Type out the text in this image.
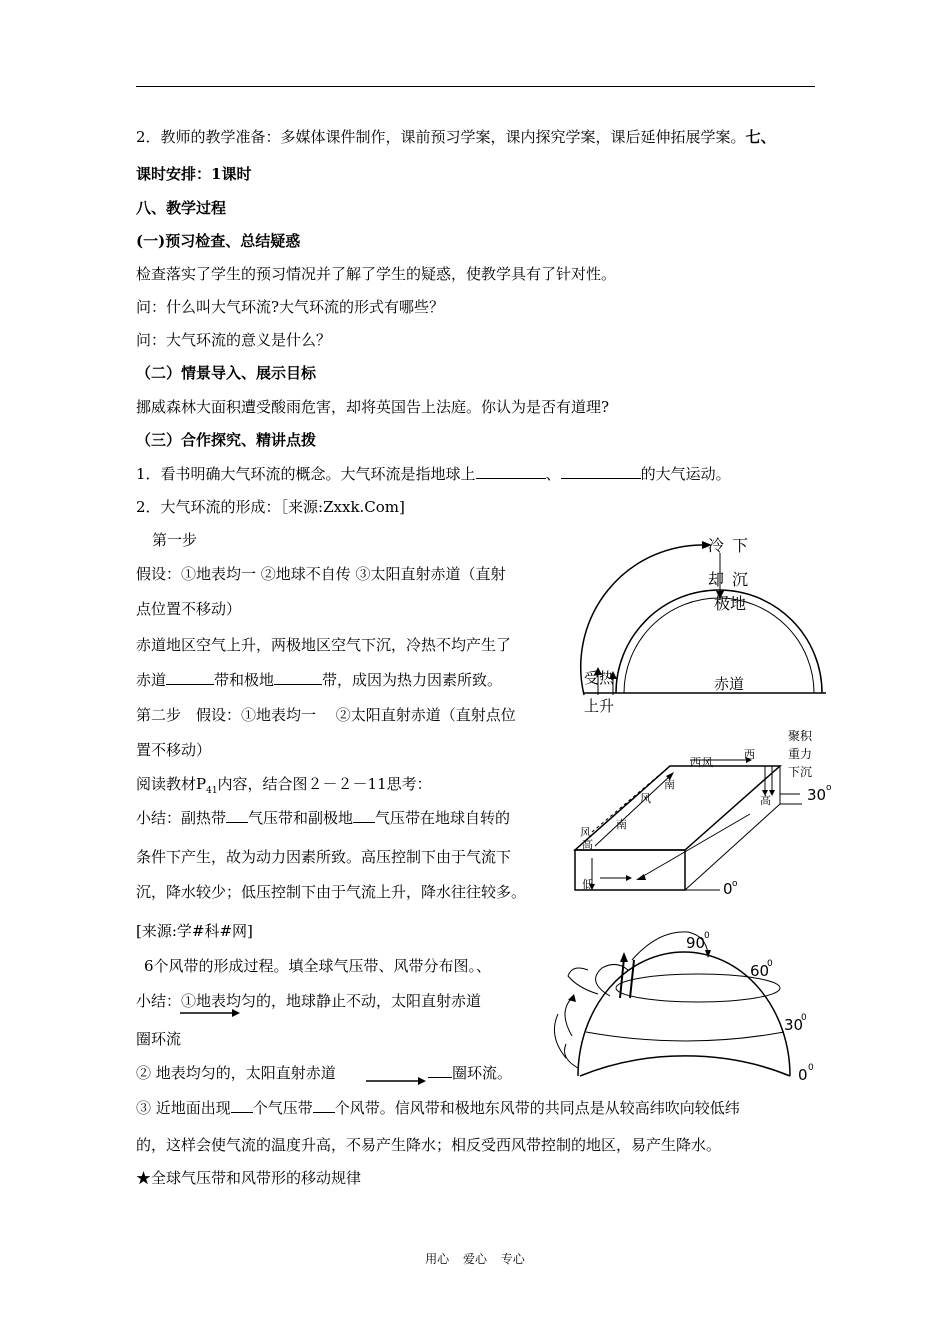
2．教师的教学准备：多媒体课件制作，课前预习学案，课内探究学案，课后延伸拓展学案。七、
课时安排：1课时
八、教学过程
(一)预习检查、总结疑惑
检查落实了学生的预习情况并了解了学生的疑惑，使教学具有了针对性。
问：什么叫大气环流?大气环流的形式有哪些？
问：大气环流的意义是什么？
（二）情景导入、展示目标
挪威森林大面积遭受酸雨危害，却将英国告上法庭。你认为是否有道理?
（三）合作探究、精讲点拨
1．看书明确大气环流的概念。大气环流是指地球上	、	的大气运动。
2．大气环流的形成：［来源:Zxxk.Com]
第一步
假设：①地表均一 ②地球不自传 ③太阳直射赤道（直射
点位置不移动）
赤道地区空气上升，两极地区空气下沉，冷热不均产生了
赤道	带和极地	带，成因为热力因素所致。
第二步　假设：①地表均一　 ②太阳直射赤道（直射点位
置不移动）
阅读教材$P_{41}$内容，结合图２－２－11思考：
小结：副热带 气压带和副极地 气压带在地球自转的
条件下产生，故为动力因素所致。高压控制下由于气流下
沉，降水较少；低压控制下由于气流上升，降水往往较多。
[来源:学#科#网]
6个风带的形成过程。填全球气压带、风带分布图。、
小结：①地表均匀的，地球静止不动，太阳直射赤道
圈环流
② 地表均匀的，太阳直射赤道	圈环流。
③ 近地面出现 个气压带 个风带。信风带和极地东风带的共同点是从较高纬吹向较低纬
的，这样会使气流的温度升高，不易产生降水；相反受西风带控制的地区，易产生降水。
★全球气压带和风带形的移动规律
冷 下
却 沉
极地
受热
上升
赤道
聚积
重力
下沉
西
西 风
南
风
南
风
高
高
低
30 o
0 o
90
0
60
0
30
0
0 0
用心 爱心 专心
